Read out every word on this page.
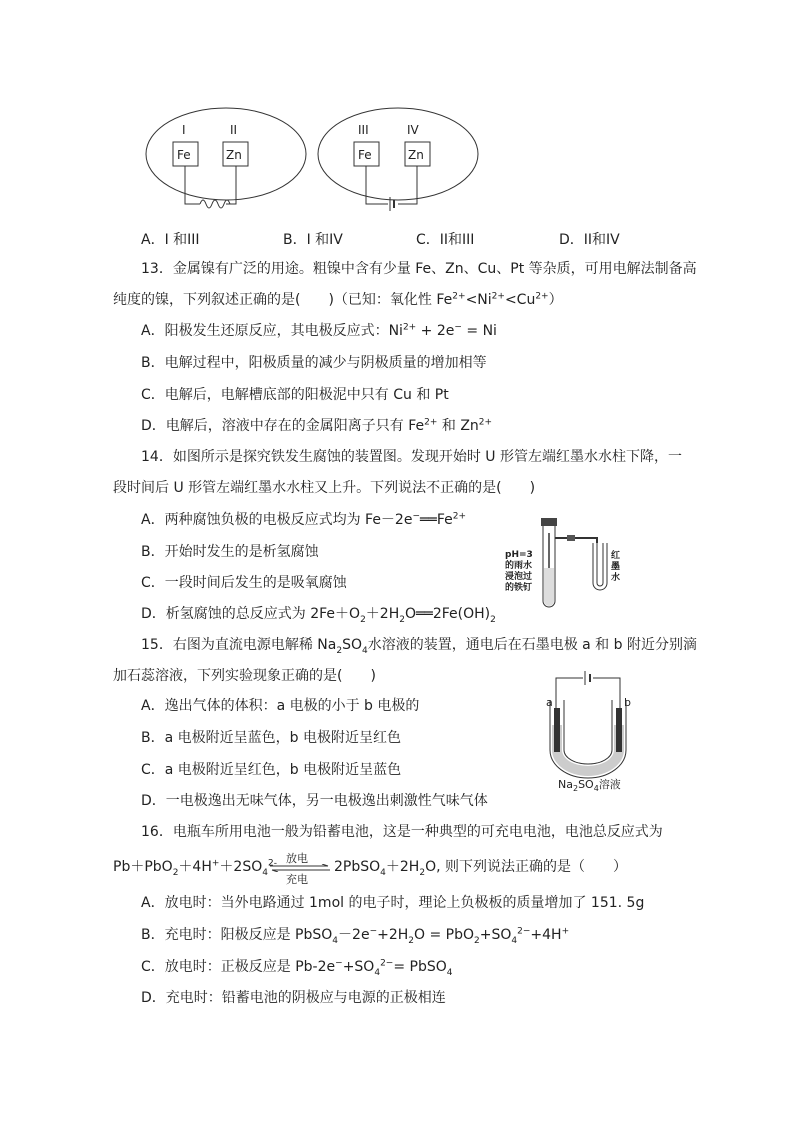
I	II
Fe	Zn
III	IV
Fe	Zn
A．I 和III	B．I 和IV	C．II和III	D．II和IV
13．金属镍有广泛的用途。粗镍中含有少量 Fe、Zn、Cu、Pt 等杂质，可用电解法制备高
纯度的镍，下列叙述正确的是(　　)（已知：氧化性 $Fe^{2+}<Ni^{2+}<Cu^{2+}$）
A．阳极发生还原反应，其电极反应式：$Ni^{2+} + 2e^- = Ni$
B．电解过程中，阳极质量的减少与阴极质量的增加相等
C．电解后，电解槽底部的阳极泥中只有 Cu 和 Pt
D．电解后，溶液中存在的金属阳离子只有 $Fe^{2+}$ 和 $Zn^{2+}$
14．如图所示是探究铁发生腐蚀的装置图。发现开始时 U 形管左端红墨水水柱下降，一
段时间后 U 形管左端红墨水水柱又上升。下列说法不正确的是(　　)
A．两种腐蚀负极的电极反应式均为 $Fe-2e^-══Fe^{2+}$
B．开始时发生的是析氢腐蚀
C．一段时间后发生的是吸氧腐蚀
D．析氢腐蚀的总反应式为 $2Fe+O_2+2H_2O══2Fe(OH)_2$
pH=3
的雨水
浸泡过
的铁钉
红
墨
水
15．右图为直流电源电解稀 $Na_2SO_4$水溶液的装置，通电后在石墨电极 a 和 b 附近分别滴
加石蕊溶液，下列实验现象正确的是(　　)
A．逸出气体的体积：a 电极的小于 b 电极的
B．a 电极附近呈蓝色，b 电极附近呈红色
C．a 电极附近呈红色，b 电极附近呈蓝色
D．一电极逸出无味气体，另一电极逸出刺激性气味气体
a	b
$Na_2SO_4$溶液
16．电瓶车所用电池一般为铅蓄电池，这是一种典型的可充电电池，电池总反应式为
$Pb+PbO_2+4H^++2SO_4^{2-}$ 放电
充电
$2PbSO_4+2H_2O$, 则下列说法正确的是（　　）
A．放电时：当外电路通过 1mol 的电子时，理论上负极板的质量增加了 151. 5g
B．充电时：阳极反应是 $PbSO_4-2e^-+2H_2O = PbO_2+SO_4^{2-}+4H^+$
C．放电时：正极反应是 $Pb-2e^-+SO_4^{2-}=$ PbSO$_4$
D．充电时：铅蓄电池的阴极应与电源的正极相连
